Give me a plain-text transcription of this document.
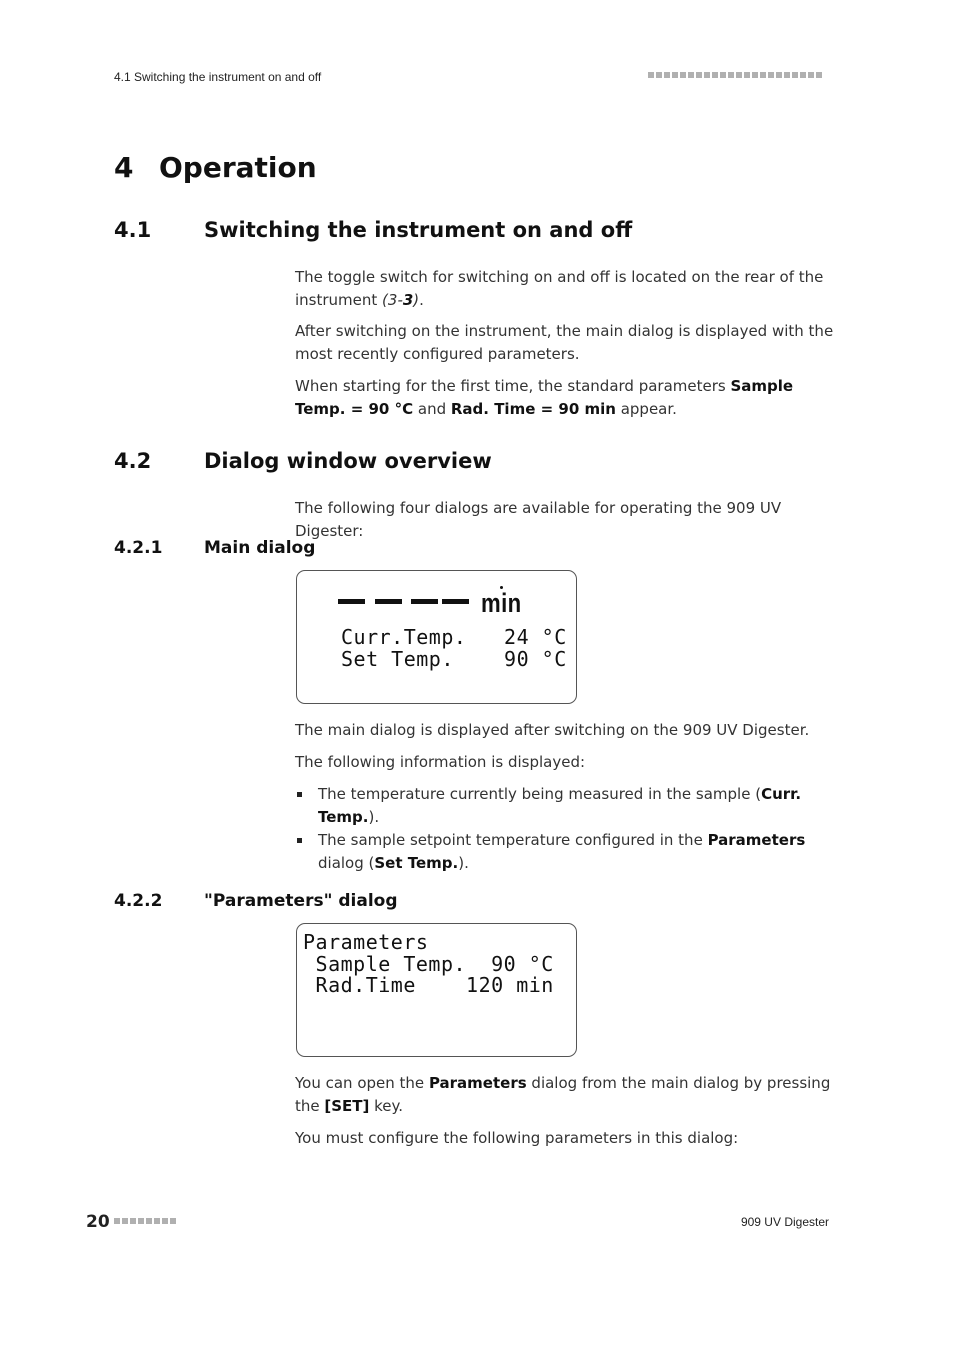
4.1 Switching the instrument on and off
4 Operation
4.1	Switching the instrument on and off
The toggle switch for switching on and off is located on the rear of the instrument (3-3).
After switching on the instrument, the main dialog is displayed with the most recently configured parameters.
When starting for the first time, the standard parameters Sample Temp. = 90 °C and Rad. Time = 90 min appear.
4.2	Dialog window overview
The following four dialogs are available for operating the 909 UV Digester:
4.2.1 Main dialog
min
Curr.Temp.   24 °C
Set Temp.    90 °C
The main dialog is displayed after switching on the 909 UV Digester.
The following information is displayed:
The temperature currently being measured in the sample (Curr. Temp.).
The sample setpoint temperature configured in the Parameters dialog (Set Temp.).
4.2.2 "Parameters" dialog
Parameters
Sample Temp.  90 °C
Rad.Time    120 min
You can open the Parameters dialog from the main dialog by pressing the [SET] key.
You must configure the following parameters in this dialog:
20	909 UV Digester
